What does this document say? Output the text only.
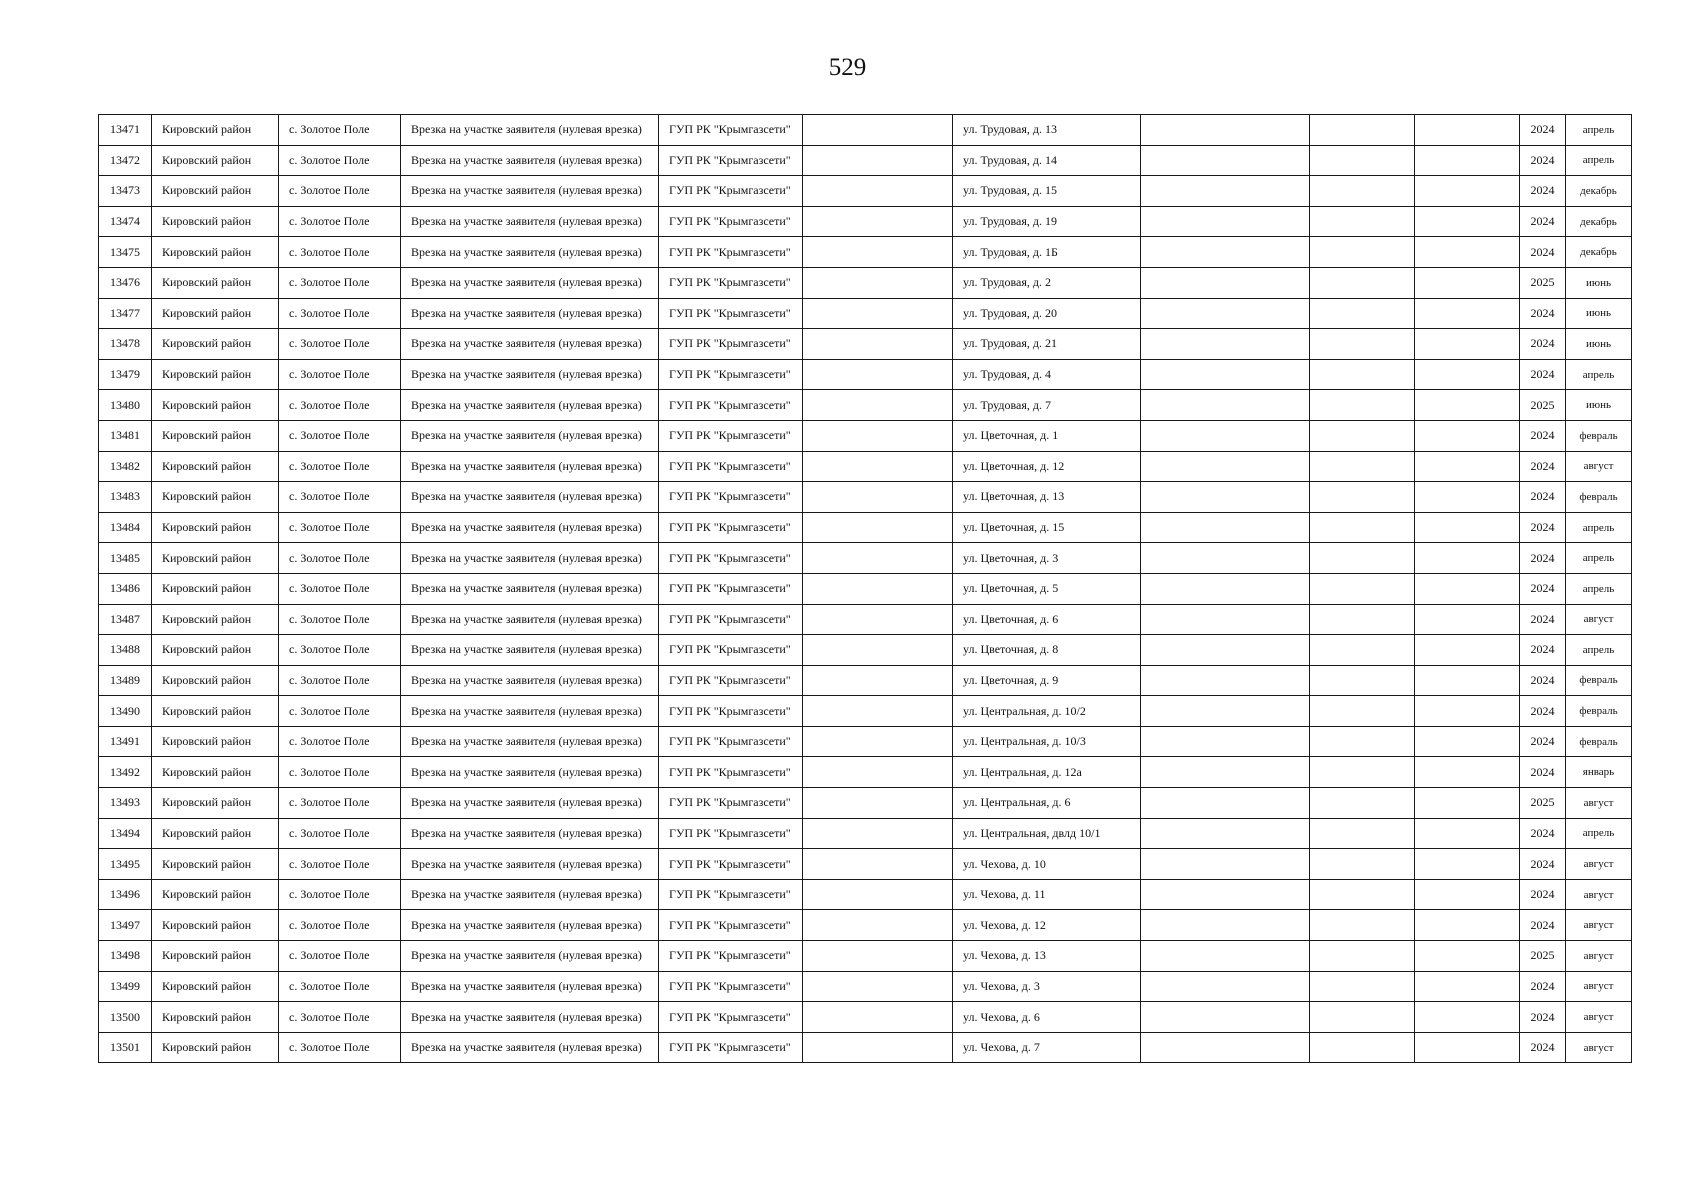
529
13471	Кировский район	с. Золотое Поле	Врезка на участке заявителя (нулевая врезка)	ГУП РК "Крымгазсети"		ул. Трудовая, д. 13				2024	апрель
13472	Кировский район	с. Золотое Поле	Врезка на участке заявителя (нулевая врезка)	ГУП РК "Крымгазсети"		ул. Трудовая, д. 14				2024	апрель
13473	Кировский район	с. Золотое Поле	Врезка на участке заявителя (нулевая врезка)	ГУП РК "Крымгазсети"		ул. Трудовая, д. 15				2024	декабрь
13474	Кировский район	с. Золотое Поле	Врезка на участке заявителя (нулевая врезка)	ГУП РК "Крымгазсети"		ул. Трудовая, д. 19				2024	декабрь
13475	Кировский район	с. Золотое Поле	Врезка на участке заявителя (нулевая врезка)	ГУП РК "Крымгазсети"		ул. Трудовая, д. 1Б				2024	декабрь
13476	Кировский район	с. Золотое Поле	Врезка на участке заявителя (нулевая врезка)	ГУП РК "Крымгазсети"		ул. Трудовая, д. 2				2025	июнь
13477	Кировский район	с. Золотое Поле	Врезка на участке заявителя (нулевая врезка)	ГУП РК "Крымгазсети"		ул. Трудовая, д. 20				2024	июнь
13478	Кировский район	с. Золотое Поле	Врезка на участке заявителя (нулевая врезка)	ГУП РК "Крымгазсети"		ул. Трудовая, д. 21				2024	июнь
13479	Кировский район	с. Золотое Поле	Врезка на участке заявителя (нулевая врезка)	ГУП РК "Крымгазсети"		ул. Трудовая, д. 4				2024	апрель
13480	Кировский район	с. Золотое Поле	Врезка на участке заявителя (нулевая врезка)	ГУП РК "Крымгазсети"		ул. Трудовая, д. 7				2025	июнь
13481	Кировский район	с. Золотое Поле	Врезка на участке заявителя (нулевая врезка)	ГУП РК "Крымгазсети"		ул. Цветочная, д. 1				2024	февраль
13482	Кировский район	с. Золотое Поле	Врезка на участке заявителя (нулевая врезка)	ГУП РК "Крымгазсети"		ул. Цветочная, д. 12				2024	август
13483	Кировский район	с. Золотое Поле	Врезка на участке заявителя (нулевая врезка)	ГУП РК "Крымгазсети"		ул. Цветочная, д. 13				2024	февраль
13484	Кировский район	с. Золотое Поле	Врезка на участке заявителя (нулевая врезка)	ГУП РК "Крымгазсети"		ул. Цветочная, д. 15				2024	апрель
13485	Кировский район	с. Золотое Поле	Врезка на участке заявителя (нулевая врезка)	ГУП РК "Крымгазсети"		ул. Цветочная, д. 3				2024	апрель
13486	Кировский район	с. Золотое Поле	Врезка на участке заявителя (нулевая врезка)	ГУП РК "Крымгазсети"		ул. Цветочная, д. 5				2024	апрель
13487	Кировский район	с. Золотое Поле	Врезка на участке заявителя (нулевая врезка)	ГУП РК "Крымгазсети"		ул. Цветочная, д. 6				2024	август
13488	Кировский район	с. Золотое Поле	Врезка на участке заявителя (нулевая врезка)	ГУП РК "Крымгазсети"		ул. Цветочная, д. 8				2024	апрель
13489	Кировский район	с. Золотое Поле	Врезка на участке заявителя (нулевая врезка)	ГУП РК "Крымгазсети"		ул. Цветочная, д. 9				2024	февраль
13490	Кировский район	с. Золотое Поле	Врезка на участке заявителя (нулевая врезка)	ГУП РК "Крымгазсети"		ул. Центральная, д. 10/2				2024	февраль
13491	Кировский район	с. Золотое Поле	Врезка на участке заявителя (нулевая врезка)	ГУП РК "Крымгазсети"		ул. Центральная, д. 10/3				2024	февраль
13492	Кировский район	с. Золотое Поле	Врезка на участке заявителя (нулевая врезка)	ГУП РК "Крымгазсети"		ул. Центральная, д. 12а				2024	январь
13493	Кировский район	с. Золотое Поле	Врезка на участке заявителя (нулевая врезка)	ГУП РК "Крымгазсети"		ул. Центральная, д. 6				2025	август
13494	Кировский район	с. Золотое Поле	Врезка на участке заявителя (нулевая врезка)	ГУП РК "Крымгазсети"		ул. Центральная, двлд 10/1				2024	апрель
13495	Кировский район	с. Золотое Поле	Врезка на участке заявителя (нулевая врезка)	ГУП РК "Крымгазсети"		ул. Чехова, д. 10				2024	август
13496	Кировский район	с. Золотое Поле	Врезка на участке заявителя (нулевая врезка)	ГУП РК "Крымгазсети"		ул. Чехова, д. 11				2024	август
13497	Кировский район	с. Золотое Поле	Врезка на участке заявителя (нулевая врезка)	ГУП РК "Крымгазсети"		ул. Чехова, д. 12				2024	август
13498	Кировский район	с. Золотое Поле	Врезка на участке заявителя (нулевая врезка)	ГУП РК "Крымгазсети"		ул. Чехова, д. 13				2025	август
13499	Кировский район	с. Золотое Поле	Врезка на участке заявителя (нулевая врезка)	ГУП РК "Крымгазсети"		ул. Чехова, д. 3				2024	август
13500	Кировский район	с. Золотое Поле	Врезка на участке заявителя (нулевая врезка)	ГУП РК "Крымгазсети"		ул. Чехова, д. 6				2024	август
13501	Кировский район	с. Золотое Поле	Врезка на участке заявителя (нулевая врезка)	ГУП РК "Крымгазсети"		ул. Чехова, д. 7				2024	август
